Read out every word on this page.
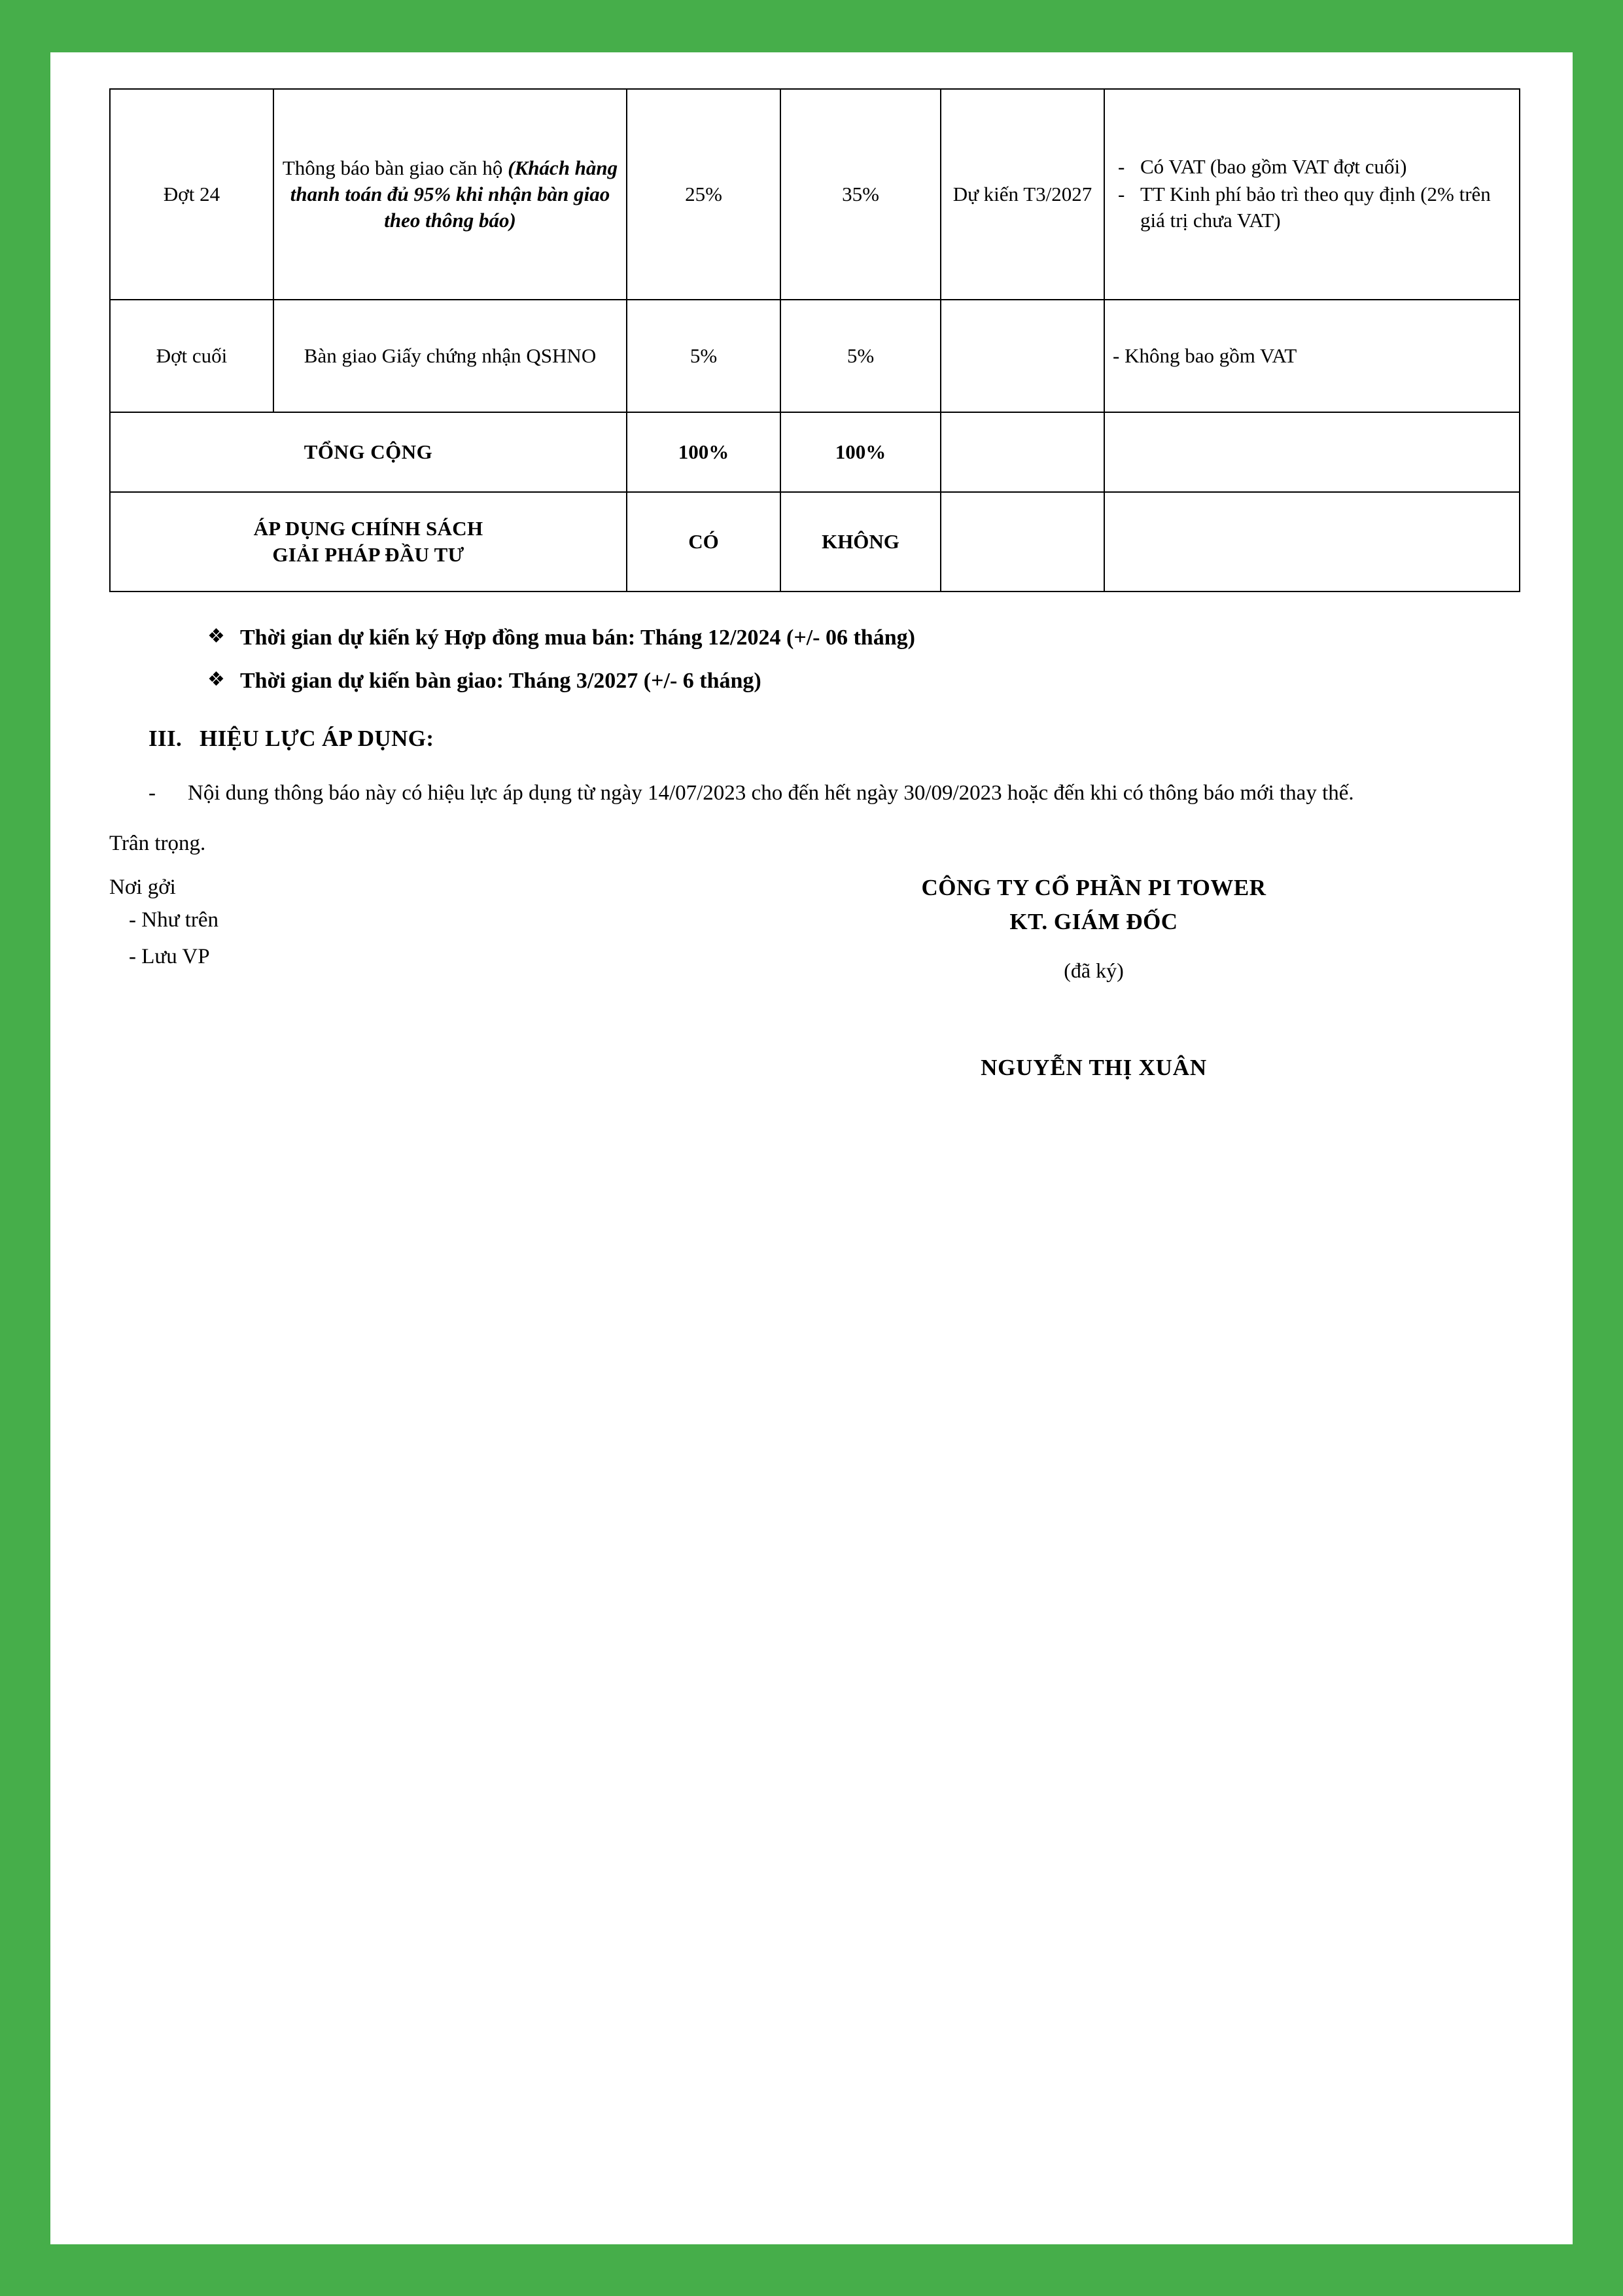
Đợt 24	Thông báo bàn giao căn hộ (Khách hàng thanh toán đủ 95% khi nhận bàn giao theo thông báo)	25%	35%	Dự kiến T3/2027	
- Có VAT (bao gồm VAT đợt cuối)
- TT Kinh phí bảo trì theo quy định (2% trên giá trị chưa VAT)

Đợt cuối	Bàn giao Giấy chứng nhận QSHNO	5%	5%		- Không bao gồm VAT
TỔNG CỘNG		100%	100%		

ÁP DỤNG CHÍNH SÁCH
GIẢI PHÁP ĐẦU TƯ		CÓ	KHÔNG		
❖ Thời gian dự kiến ký Hợp đồng mua bán: Tháng 12/2024 (+/- 06 tháng)
❖ Thời gian dự kiến bàn giao: Tháng 3/2027 (+/- 6 tháng)
III. HIỆU LỰC ÁP DỤNG:
-	Nội dung thông báo này có hiệu lực áp dụng từ ngày 14/07/2023 cho đến hết ngày 30/09/2023 hoặc đến khi có thông báo mới thay thế.
Trân trọng.
Nơi gởi
- Như trên
- Lưu VP
CÔNG TY CỔ PHẦN PI TOWER
KT. GIÁM ĐỐC
(đã ký)
NGUYỄN THỊ XUÂN
